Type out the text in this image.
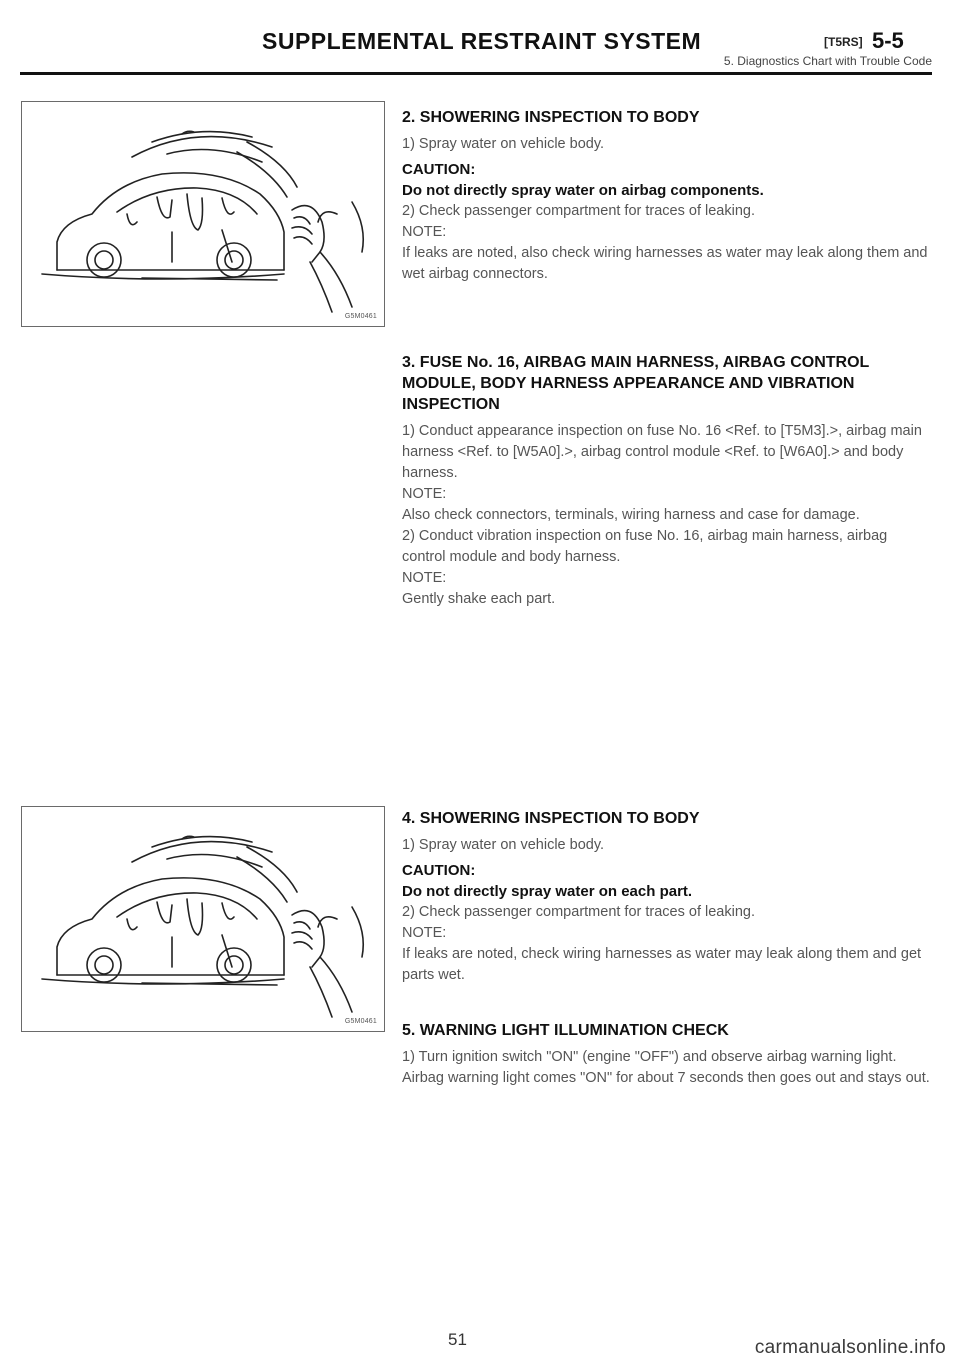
SUPPLEMENTAL RESTRAINT SYSTEM	[T5RS] 5-5
5. Diagnostics Chart with Trouble Code
G5M0461
G5M0461
2. SHOWERING INSPECTION TO BODY

1) Spray water on vehicle body.

CAUTION:

Do not directly spray water on airbag components.

2) Check passenger compartment for traces of leaking.

NOTE:

If leaks are noted, also check wiring harnesses as water may leak along them and wet airbag connectors.

3. FUSE No. 16, AIRBAG MAIN HARNESS, AIRBAG CONTROL MODULE, BODY HARNESS APPEARANCE AND VIBRATION INSPECTION

1) Conduct appearance inspection on fuse No. 16 <Ref. to [T5M3].>, airbag main harness <Ref. to [W5A0].>, airbag control module <Ref. to [W6A0].> and body harness.

NOTE:

Also check connectors, terminals, wiring harness and case for damage.

2) Conduct vibration inspection on fuse No. 16, airbag main harness, airbag control module and body harness.

NOTE:

Gently shake each part.

4. SHOWERING INSPECTION TO BODY

1) Spray water on vehicle body.

CAUTION:

Do not directly spray water on each part.

2) Check passenger compartment for traces of leaking.

NOTE:

If leaks are noted, check wiring harnesses as water may leak along them and get parts wet.

5. WARNING LIGHT ILLUMINATION CHECK

1) Turn ignition switch "ON" (engine "OFF") and observe airbag warning light.

Airbag warning light comes "ON" for about 7 seconds then goes out and stays out.

51	carmanualsonline.info
